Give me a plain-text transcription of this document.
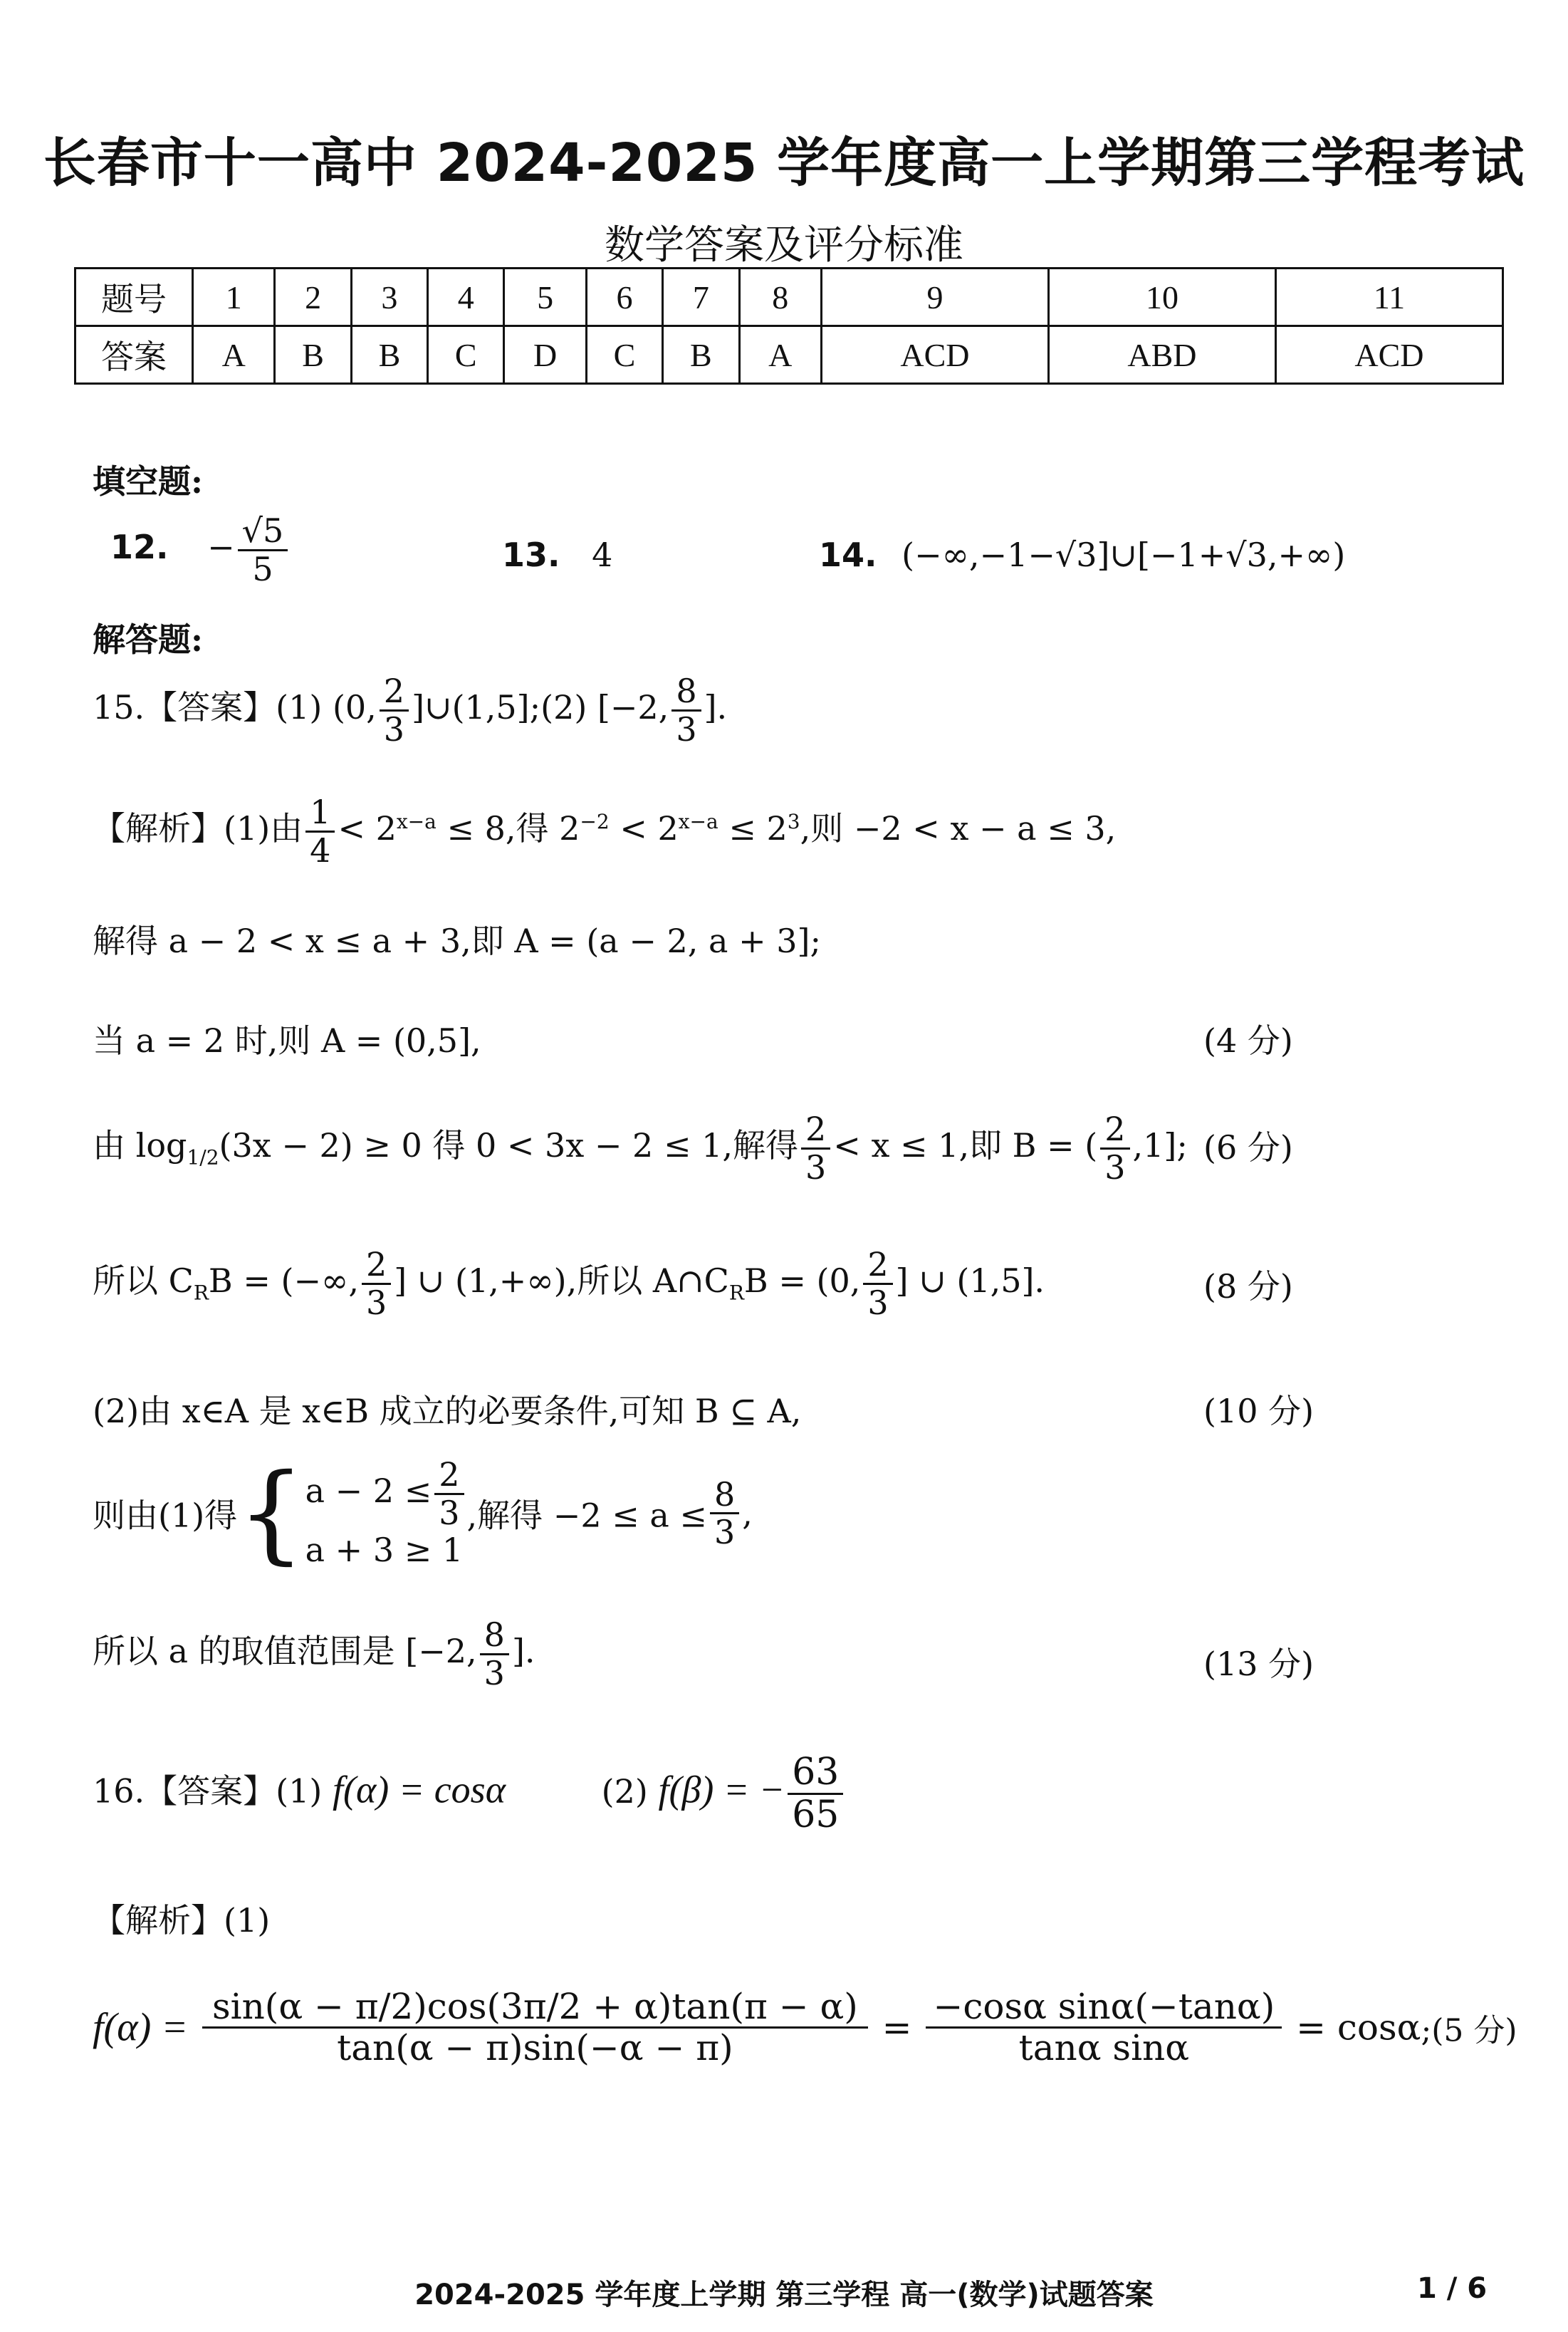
长春市十一高中 2024-2025 学年度高一上学期第三学程考试
数学答案及评分标准
题号	1	2	3	4	5	6	7	8	9	10	11
答案	A	B	B	C	D	C	B	A	ACD	ABD	ACD
填空题:
12. − $\frac{√5}{5}$	13. 4	14. (−∞,−1−√3]∪[−1+√3,+∞)
解答题:
15.【答案】(1) (0, $\frac{2}{3}$ ]∪(1,5];(2) [−2, $\frac{8}{3}$ ].
【解析】(1)由 $\frac{1}{4} < 2^{x-a} \le 8$,得 $2^{-2} < 2^{x-a} \le 2^3$,则 −2 < x − a ≤ 3,
解得 a − 2 < x ≤ a + 3,即 A = (a − 2, a + 3];
当 a = 2 时,则 A = (0,5],	(4 分)
由 $\log_{1/2}(3x - 2) \ge 0$ 得 0 < 3x − 2 ≤ 1,解得 $\frac{2}{3} < x \le 1$,即 B = ( $\frac{2}{3} ,1$]; (6 分)
所以 $C_RB$ = (−∞, $\frac{2}{3}$ ] ∪ (1,+∞),所以 $A\cap C_RB = (0$, $\frac{2}{3}$ ] ∪ (1,5].	(8 分)
(2)由 x∈A 是 x∈B 成立的必要条件,可知 B ⊆ A,	(10 分)
则由(1)得{ $a - 2 \le \frac{2}{3}$
a + 3 ≥ 1
,解得 $-2 \le a \le \frac{8}{3}$ ,
所以 a 的取值范围是 [−2, $\frac{8}{3}$ ].	(13 分)
16.【答案】(1) f(α) = cosα	(2) f(β) = − $\frac{63}{65}$
【解析】(1)
$f(\alpha) = \frac{\sin(\alpha - \pi/2)\cos(3\pi/2 + \alpha)\tan(\pi - \alpha)}{\tan(\alpha - \pi)\sin(-\alpha - \pi)} = \frac{\text{−cosα sinα(−tanα)}}{\text{tanα sinα}}$ = cosα;(5 分)
2024-2025 学年度上学期 第三学程 高一(数学)试题答案	1 / 6
